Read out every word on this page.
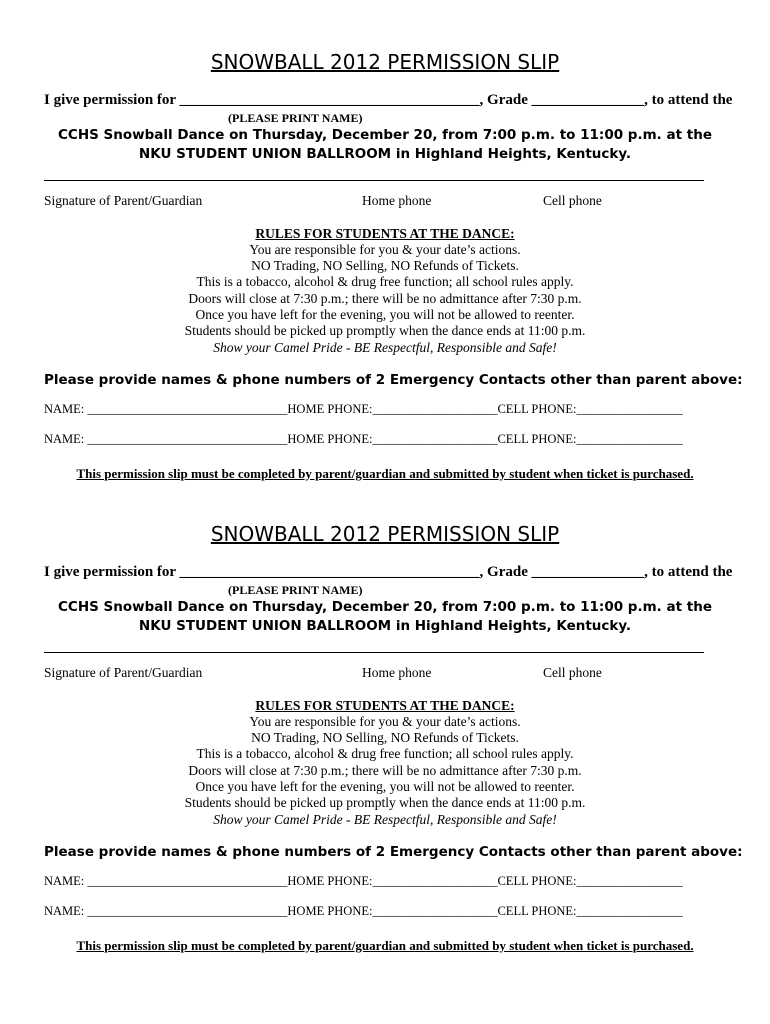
SNOWBALL 2012 PERMISSION SLIP
I give permission for ________________________________________, Grade _______________, to attend the
(PLEASE PRINT NAME)
CCHS Snowball Dance on Thursday, December 20, from 7:00 p.m. to 11:00 p.m. at the
NKU STUDENT UNION BALLROOM in Highland Heights, Kentucky.
Signature of Parent/Guardian	Home phone	Cell phone
RULES FOR STUDENTS AT THE DANCE:
You are responsible for you & your date’s actions.
NO Trading, NO Selling, NO Refunds of Tickets.
This is a tobacco, alcohol & drug free function; all school rules apply.
Doors will close at 7:30 p.m.; there will be no admittance after 7:30 p.m.
Once you have left for the evening, you will not be allowed to reenter.
Students should be picked up promptly when the dance ends at 11:00 p.m.
Show your Camel Pride - BE Respectful, Responsible and Safe!
Please provide names & phone numbers of 2 Emergency Contacts other than parent above:
NAME: ________________________________HOME PHONE:____________________CELL PHONE:_________________
NAME: ________________________________HOME PHONE:____________________CELL PHONE:_________________
This permission slip must be completed by parent/guardian and submitted by student when ticket is purchased.
SNOWBALL 2012 PERMISSION SLIP
I give permission for ________________________________________, Grade _______________, to attend the
(PLEASE PRINT NAME)
CCHS Snowball Dance on Thursday, December 20, from 7:00 p.m. to 11:00 p.m. at the
NKU STUDENT UNION BALLROOM in Highland Heights, Kentucky.
Signature of Parent/Guardian	Home phone	Cell phone
RULES FOR STUDENTS AT THE DANCE:
You are responsible for you & your date’s actions.
NO Trading, NO Selling, NO Refunds of Tickets.
This is a tobacco, alcohol & drug free function; all school rules apply.
Doors will close at 7:30 p.m.; there will be no admittance after 7:30 p.m.
Once you have left for the evening, you will not be allowed to reenter.
Students should be picked up promptly when the dance ends at 11:00 p.m.
Show your Camel Pride - BE Respectful, Responsible and Safe!
Please provide names & phone numbers of 2 Emergency Contacts other than parent above:
NAME: ________________________________HOME PHONE:____________________CELL PHONE:_________________
NAME: ________________________________HOME PHONE:____________________CELL PHONE:_________________
This permission slip must be completed by parent/guardian and submitted by student when ticket is purchased.
